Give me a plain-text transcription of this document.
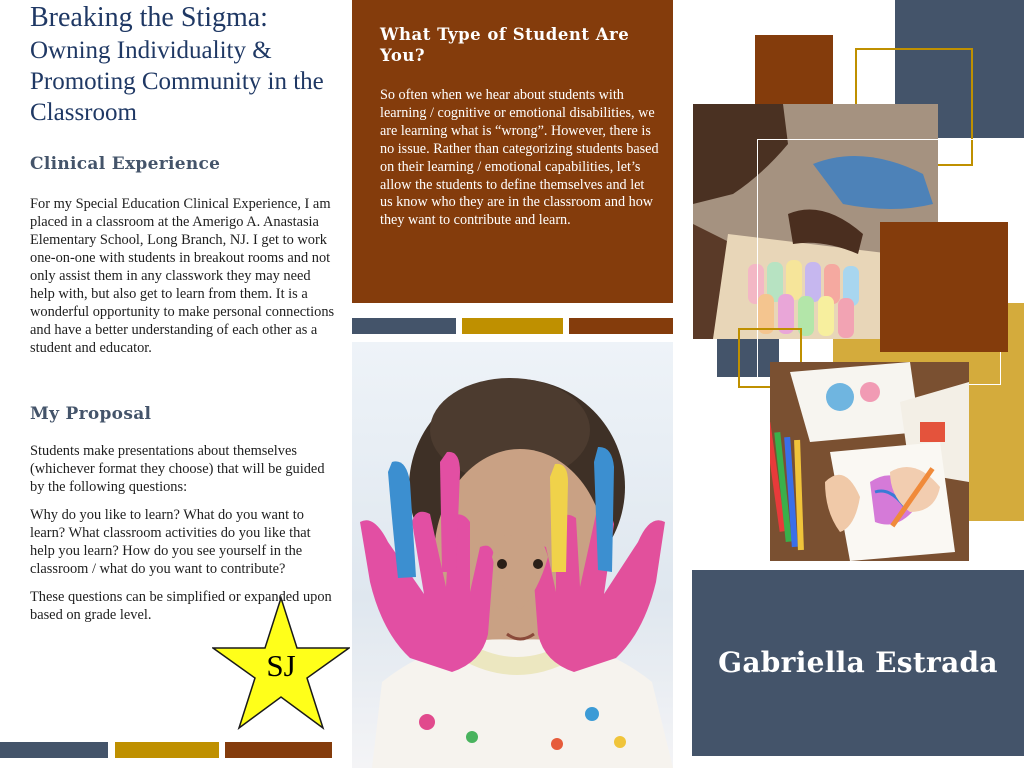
Breaking the Stigma:
Owning Individuality & Promoting Community in the Classroom
Clinical Experience

For my Special Education Clinical Experience, I am placed in a classroom at the Amerigo A. Anastasia Elementary School, Long Branch, NJ. I get to work one-on-one with students in breakout rooms and not only assist them in any classwork they may need help with, but also get to learn from them. It is a wonderful opportunity to make personal connections and have a better understanding of each other as a student and educator.

My Proposal

Students make presentations about themselves (whichever format they choose) that will be guided by the following questions:

Why do you like to learn? What do you want to learn? What classroom activities do you like that help you learn? How do you see yourself in the classroom / what do you want to contribute?

These questions can be simplified or expanded upon based on grade level.

SJ
What Type of Student Are You?
So often when we hear about students with learning / cognitive or emotional disabilities, we are learning what is “wrong”. However, there is no issue. Rather than categorizing students based on their learning / emotional capabilities, let’s allow the students to define themselves and let us know who they are in the classroom and how they want to contribute and learn.
Gabriella Estrada
